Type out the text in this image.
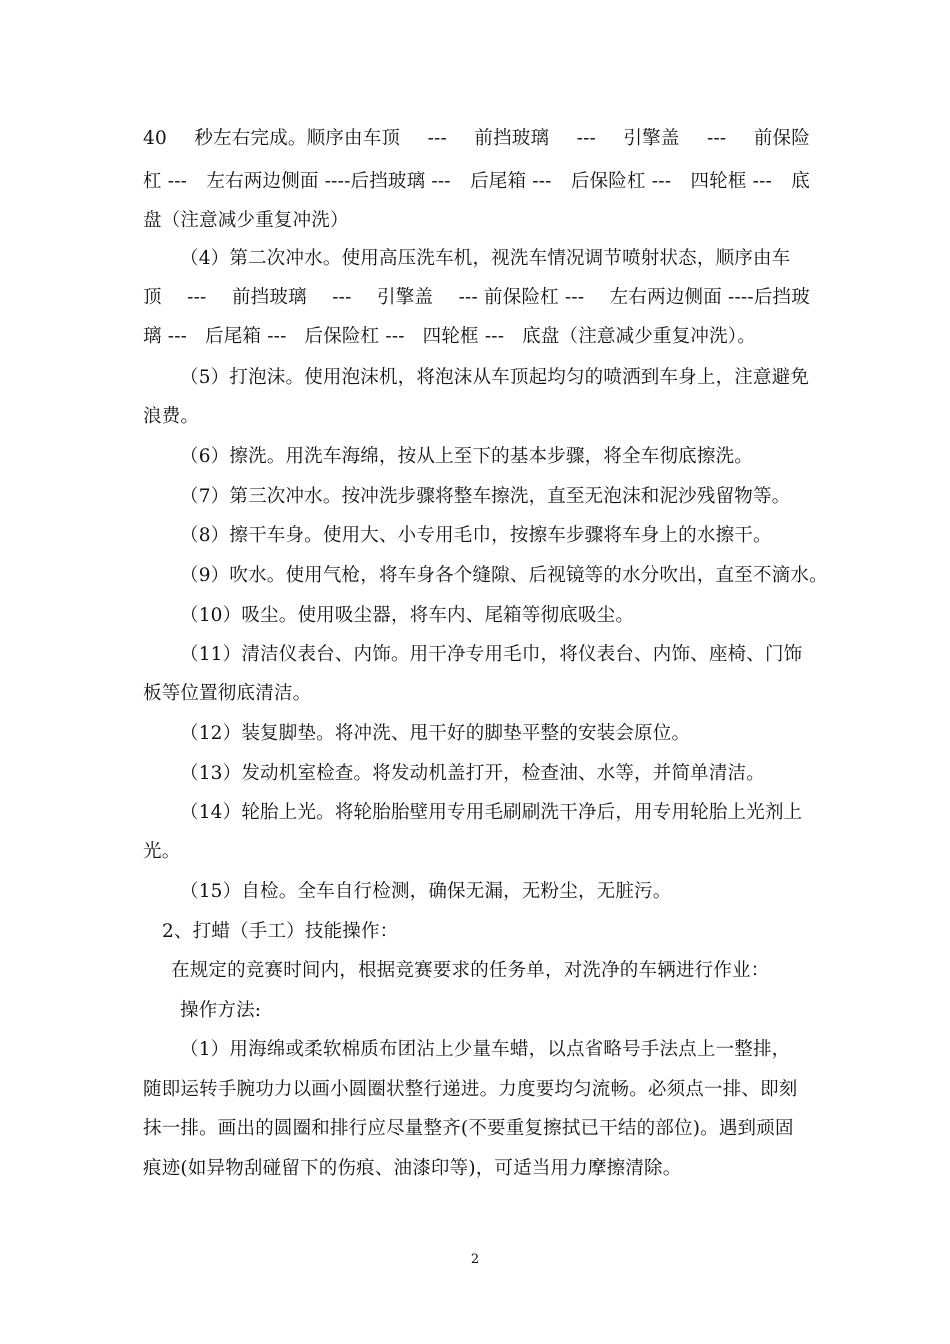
40 秒左右完成。顺序由车顶 --- 前挡玻璃 --- 引擎盖 --- 前保险
杠 --- 左右两边侧面 ----后挡玻璃 --- 后尾箱 --- 后保险杠 --- 四轮框 --- 底
盘（注意减少重复冲洗）
（4）第二次冲水。使用高压洗车机，视洗车情况调节喷射状态，顺序由车
顶 --- 前挡玻璃 --- 引擎盖 --- 前保险杠 --- 左右两边侧面 ----后挡玻
璃 --- 后尾箱 --- 后保险杠 --- 四轮框 --- 底盘（注意减少重复冲洗）。
（5）打泡沫。使用泡沫机，将泡沫从车顶起均匀的喷洒到车身上，注意避免
浪费。
（6）擦洗。用洗车海绵，按从上至下的基本步骤，将全车彻底擦洗。
（7）第三次冲水。按冲洗步骤将整车擦洗，直至无泡沫和泥沙残留物等。
（8）擦干车身。使用大、小专用毛巾，按擦车步骤将车身上的水擦干。
（9）吹水。使用气枪，将车身各个缝隙、后视镜等的水分吹出，直至不滴水。
（10）吸尘。使用吸尘器，将车内、尾箱等彻底吸尘。
（11）清洁仪表台、内饰。用干净专用毛巾，将仪表台、内饰、座椅、门饰
板等位置彻底清洁。
（12）装复脚垫。将冲洗、甩干好的脚垫平整的安装会原位。
（13）发动机室检查。将发动机盖打开，检查油、水等，并简单清洁。
（14）轮胎上光。将轮胎胎壁用专用毛刷刷洗干净后，用专用轮胎上光剂上
光。
（15）自检。全车自行检测，确保无漏，无粉尘，无脏污。
2、打蜡（手工）技能操作：
在规定的竞赛时间内，根据竞赛要求的任务单，对洗净的车辆进行作业：
操作方法:
（1）用海绵或柔软棉质布团沾上少量车蜡，以点省略号手法点上一整排，
随即运转手腕功力以画小圆圈状整行递进。力度要均匀流畅。必须点一排、即刻
抹一排。画出的圆圈和排行应尽量整齐(不要重复擦拭已干结的部位)。遇到顽固
痕迹(如异物刮碰留下的伤痕、油漆印等)，可适当用力摩擦清除。
2
